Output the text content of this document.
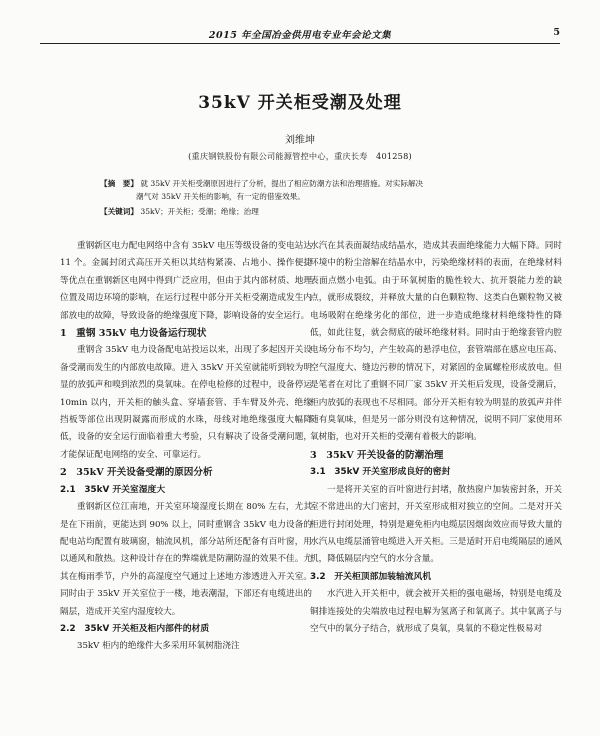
2015 年全国冶金供用电专业年会论文集	5
35kV 开关柜受潮及处理
刘维坤
(重庆钢铁股份有限公司能源管控中心，重庆长寿　401258)
【摘　要】 就 35kV 开关柜受潮原因进行了分析，提出了相应防潮方法和治理措施。对实际解决
潮气对 35kV 开关柜的影响，有一定的借鉴效果。
【关键词】 35kV；开关柜；受潮；绝缘；治理

重钢新区电力配电网络中含有 35kV 电压等级设备的变电站达 11 个。金属封闭式高压开关柜以其结构紧凑、占地小、操作便捷等优点在重钢新区电网中得到广泛应用，但由于其内部材质、地理位置及周边环境的影响，在运行过程中部分开关柜受潮造成发生内部放电的故障，导致设备的绝缘强度下降，影响设备的安全运行。

1　重钢 35kV 电力设备运行现状

重钢含 35kV 电力设备配电站投运以来，出现了多起因开关设备受潮而发生的内部放电故障。进入 35kV 开关室就能听到较为明显的放弧声和嗅到浓烈的臭氧味。在停电检修的过程中，设备停运 10min 以内，开关柜的触头盒、穿墙套管、手车臂及外壳、绝缘挡板等部位出现阴凝露而形成的水珠，母线对地绝缘强度大幅降低，设备的安全运行面临着重大考验，只有解决了设备受潮问题，才能保证配电网络的安全、可靠运行。

2　35kV 开关设备受潮的原因分析
2.1　35kV 开关室湿度大

重钢新区位江南地，开关室环境湿度长期在 80% 左右，尤其是在下雨前，更能达到 90% 以上，同时重钢含 35kV 电力设备的配电站均配置有玻璃窗，轴流风机，部分站所还配备有百叶窗，用以通风和散热。这种设计存在的弊端就是防潮防湿的效果不佳。尤其在梅雨季节，户外的高湿度空气通过上述地方渗透进入开关室。同时由于 35kV 开关室位于一楼，地表潮湿，下部还有电缆进出的隔层，造成开关室内湿度较大。

2.2　35kV 开关柜及柜内部件的材质

35kV 柜内的绝缘件大多采用环氧树脂浇注

水汽在其表面凝结成结晶水，造成其表面绝缘能力大幅下降。同时环境中的粉尘溶解在结晶水中，污染绝缘材料的表面，在绝缘材料表面点燃小电弧。由于环氧树脂的脆性较大、抗开裂能力差的缺点，就形成裂纹，并释放大量的白色颗粒物、这类白色颗粒物又被电场吸附在绝缘劣化的部位，进一步造成绝缘材料绝缘特性的降低，如此往复，就会彻底的破坏绝缘材料。同时由于绝缘套管内腔电场分布不均匀，产生较高的悬浮电位，套管端部在感应电压高、空气湿度大、缝边污秽的情况下，对紧固的金属螺栓形成放电。但是笔者在对比了重钢不同厂家 35kV 开关柜后发现，设备受潮后，柜内放弧的表现也不尽相同。部分开关柜有较为明显的放弧声并伴随有臭氧味，但是另一部分则没有这种情况，说明不同厂家使用环氧树脂，也对开关柜的受潮有着极大的影响。

3　35kV 开关设备的防潮治理
3.1　35kV 开关室形成良好的密封

一是将开关室的百叶窗进行封堵，散热窗户加装密封条，开关室不常进出的大门密封，开关室形成相对独立的空间。二是对开关柜进行封闭处理，特别是避免柜内电缆层因烟囱效应而导致大量的水汽从电缆层涌管电缆进入开关柜。三是适时开启电缆隔层的通风机，降低隔层内空气的水分含量。

3.2　开关柜顶部加装轴流风机

水汽进入开关柜中，就会被开关柜的强电磁场，特别是电缆及铜排连接处的尖端放电过程电解为氢离子和氧离子。其中氧离子与空气中的氧分子结合，就形成了臭氧，臭氧的不稳定性极易对
